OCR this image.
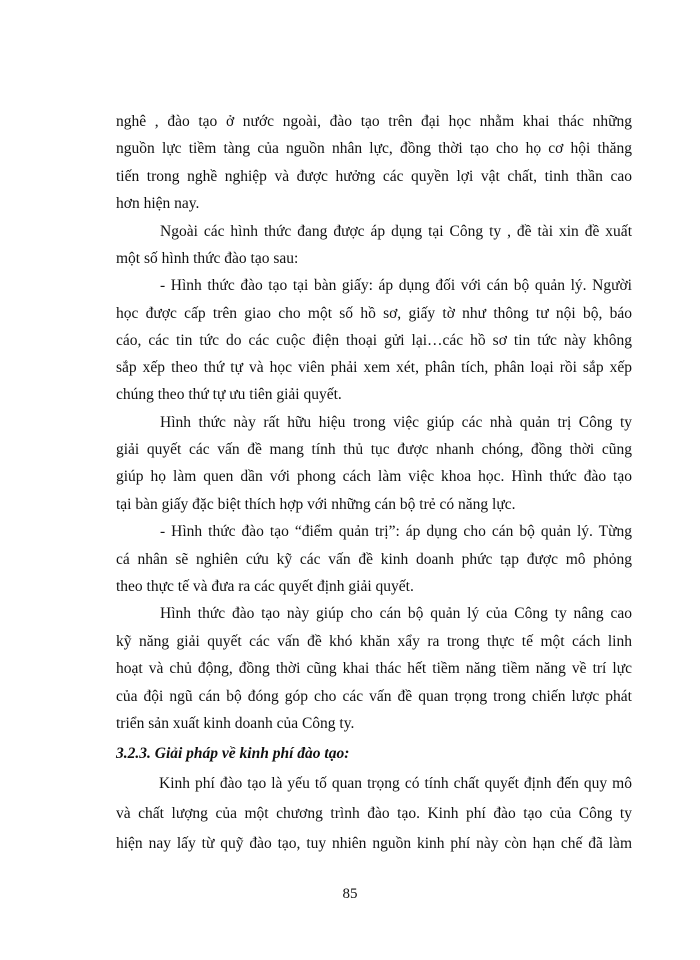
nghê , đào tạo ở nước ngoài, đào tạo trên đại học nhằm khai thác những
nguồn lực tiềm tàng của nguồn nhân lực, đồng thời tạo cho họ cơ hội thăng
tiến trong nghề nghiệp và được hưởng các quyền lợi vật chất, tinh thần cao
hơn hiện nay.
Ngoài các hình thức đang được áp dụng tại Công ty , đề tài xin đề xuất
một số hình thức đào tạo sau:
- Hình thức đào tạo tại bàn giấy: áp dụng đối với cán bộ quản lý. Người
học được cấp trên giao cho một số hồ sơ, giấy tờ như thông tư nội bộ, báo
cáo, các tin tức do các cuộc điện thoại gửi lại…các hồ sơ tin tức này không
sắp xếp theo thứ tự và học viên phải xem xét, phân tích, phân loại rồi sắp xếp
chúng theo thứ tự ưu tiên giải quyết.
Hình thức này rất hữu hiệu trong việc giúp các nhà quản trị Công ty
giải quyết các vấn đề mang tính thủ tục được nhanh chóng, đồng thời cũng
giúp họ làm quen dần với phong cách làm việc khoa học. Hình thức đào tạo
tại bàn giấy đặc biệt thích hợp với những cán bộ trẻ có năng lực.
- Hình thức đào tạo “điểm quản trị”: áp dụng cho cán bộ quản lý. Từng
cá nhân sẽ nghiên cứu kỹ các vấn đề kinh doanh phức tạp được mô phỏng
theo thực tế và đưa ra các quyết định giải quyết.
Hình thức đào tạo này giúp cho cán bộ quản lý của Công ty nâng cao
kỹ năng giải quyết các vấn đề khó khăn xẩy ra trong thực tế một cách linh
hoạt và chủ động, đồng thời cũng khai thác hết tiềm năng tiềm năng về trí lực
của đội ngũ cán bộ đóng góp cho các vấn đề quan trọng trong chiến lược phát
triển sản xuất kinh doanh của Công ty.
3.2.3. Giải pháp về kinh phí đào tạo:
Kinh phí đào tạo là yếu tố quan trọng có tính chất quyết định đến quy mô
và chất lượng của một chương trình đào tạo. Kinh phí đào tạo của Công ty
hiện nay lấy từ quỹ đào tạo, tuy nhiên nguồn kinh phí này còn hạn chế đã làm
85
